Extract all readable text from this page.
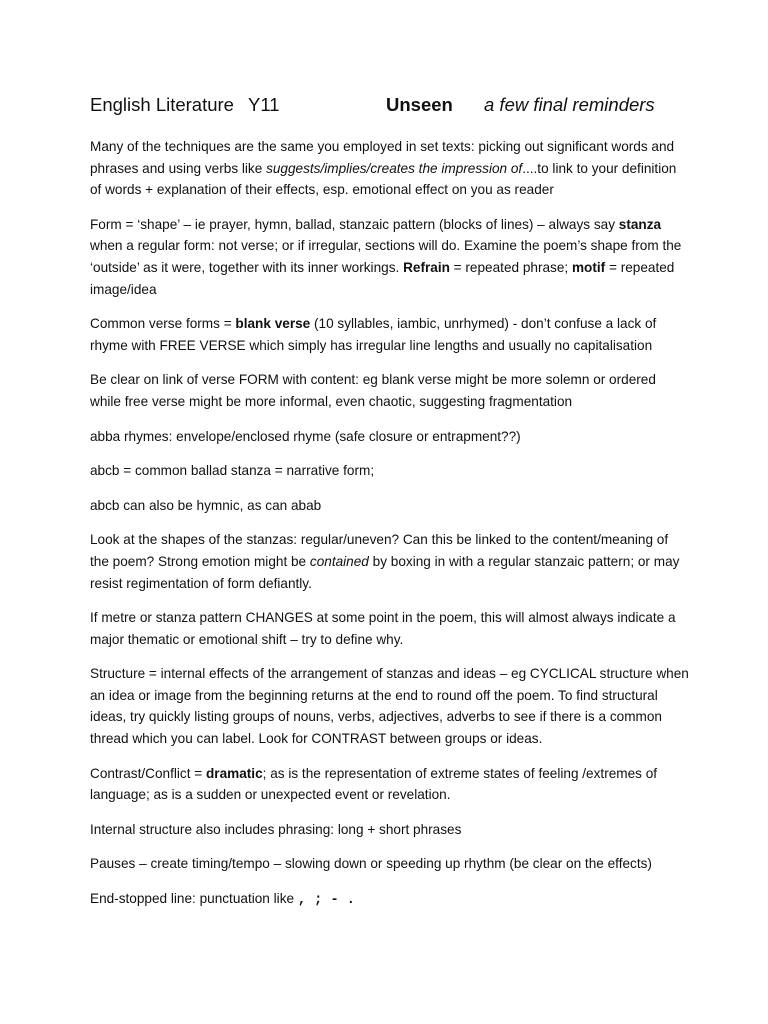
English Literature Y11	Unseen a few final reminders

Many of the techniques are the same you employed in set texts: picking out significant words and phrases and using verbs like suggests/implies/creates the impression of....to link to your definition of words + explanation of their effects, esp. emotional effect on you as reader

Form = ‘shape’ – ie prayer, hymn, ballad, stanzaic pattern (blocks of lines) – always say stanza when a regular form: not verse; or if irregular, sections will do. Examine the poem’s shape from the ‘outside’ as it were, together with its inner workings. Refrain = repeated phrase; motif = repeated image/idea

Common verse forms = blank verse (10 syllables, iambic, unrhymed) - don’t confuse a lack of rhyme with FREE VERSE which simply has irregular line lengths and usually no capitalisation

Be clear on link of verse FORM with content: eg blank verse might be more solemn or ordered while free verse might be more informal, even chaotic, suggesting fragmentation

abba rhymes: envelope/enclosed rhyme (safe closure or entrapment??)

abcb = common ballad stanza = narrative form;

abcb can also be hymnic, as can abab

Look at the shapes of the stanzas: regular/uneven? Can this be linked to the content/meaning of the poem? Strong emotion might be contained by boxing in with a regular stanzaic pattern; or may resist regimentation of form defiantly.

If metre or stanza pattern CHANGES at some point in the poem, this will almost always indicate a major thematic or emotional shift – try to define why.

Structure = internal effects of the arrangement of stanzas and ideas – eg CYCLICAL structure when an idea or image from the beginning returns at the end to round off the poem. To find structural ideas, try quickly listing groups of nouns, verbs, adjectives, adverbs to see if there is a common thread which you can label. Look for CONTRAST between groups or ideas.

Contrast/Conflict = dramatic; as is the representation of extreme states of feeling /extremes of language; as is a sudden or unexpected event or revelation.

Internal structure also includes phrasing: long + short phrases

Pauses – create timing/tempo – slowing down or speeding up rhythm (be clear on the effects)

End-stopped line: punctuation like , ; - .
